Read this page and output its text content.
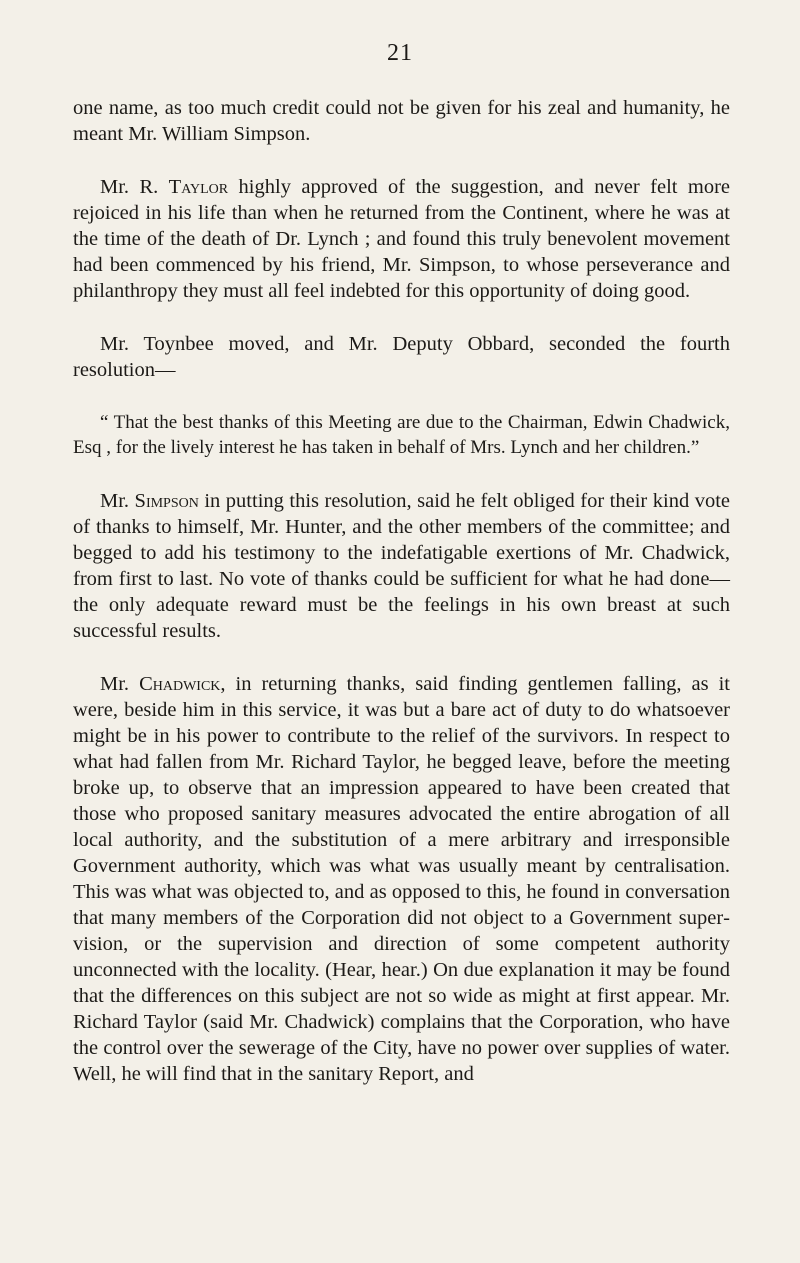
21

one name, as too much credit could not be given for his zeal and humanity, he meant Mr. William Simpson.

Mr. R. Taylor highly approved of the suggestion, and never felt more rejoiced in his life than when he returned from the Continent, where he was at the time of the death of Dr. Lynch ; and found this truly benevolent movement had been commenced by his friend, Mr. Simpson, to whose perseverance and philanthropy they must all feel indebted for this opportunity of doing good.

Mr. Toynbee moved, and Mr. Deputy Obbard, seconded the fourth resolution—

“ That the best thanks of this Meeting are due to the Chairman, Edwin Chadwick, Esq , for the lively interest he has taken in behalf of Mrs. Lynch and her children.”

Mr. Simpson in putting this resolution, said he felt obliged for their kind vote of thanks to himself, Mr. Hunter, and the other members of the committee; and begged to add his testimony to the indefatigable exertions of Mr. Chadwick, from first to last. No vote of thanks could be sufficient for what he had done—the only adequate reward must be the feelings in his own breast at such successful results.

Mr. Chadwick, in returning thanks, said finding gentlemen falling, as it were, beside him in this service, it was but a bare act of duty to do whatsoever might be in his power to contribute to the relief of the survivors. In respect to what had fallen from Mr. Richard Taylor, he begged leave, before the meeting broke up, to observe that an impression appeared to have been created that those who proposed sanitary measures advocated the entire abrogation of all local authority, and the substitution of a mere arbitrary and irresponsible Government authority, which was what was usually meant by centralisation. This was what was objected to, and as opposed to this, he found in conversation that many members of the Corporation did not object to a Government supervision, or the supervision and direction of some competent authority unconnected with the locality. (Hear, hear.) On due explanation it may be found that the differences on this subject are not so wide as might at first appear. Mr. Richard Taylor (said Mr. Chadwick) complains that the Corporation, who have the control over the sewerage of the City, have no power over supplies of water. Well, he will find that in the sanitary Report, and
